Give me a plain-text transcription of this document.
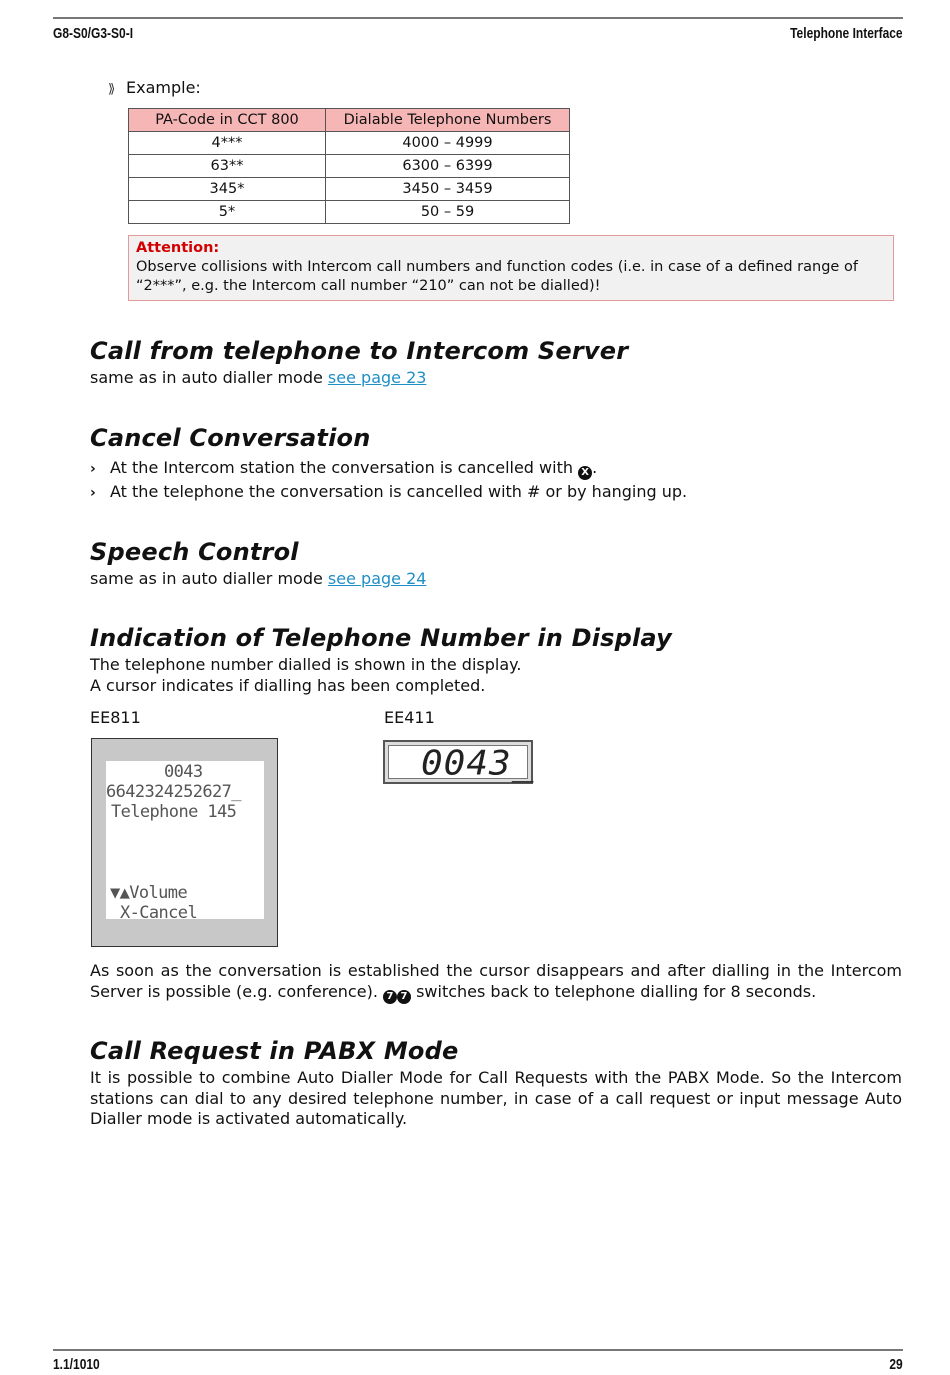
G8-S0/G3-S0-I	Telephone Interface
⟫ Example:
PA-Code in CCT 800	Dialable Telephone Numbers
4***	4000 – 4999
63**	6300 – 6399
345*	3450 – 3459
5*	50 – 59
Attention:
Observe collisions with Intercom call numbers and function codes (i.e. in case of a defined range of
“2***”, e.g. the Intercom call number “210” can not be dialled)!
Call from telephone to Intercom Server

same as in auto dialler mode see page 23

Cancel Conversation
› At the Intercom station the conversation is cancelled with X .
› At the telephone the conversation is cancelled with # or by hanging up.
Speech Control

same as in auto dialler mode see page 24

Indication of Telephone Number in Display

The telephone number dialled is shown in the display.

A cursor indicates if dialling has been completed.

EE811	EE411

0043
6642324252627_
Telephone 145
▼▲Volume
X-Cancel
0043_

As soon as the conversation is established the cursor disappears and after dialling in the Intercom Server is possible (e.g. conference). 7 7 switches back to telephone dialling for 8 seconds.

Call Request in PABX Mode

It is possible to combine Auto Dialler Mode for Call Requests with the PABX Mode. So the Intercom stations can dial to any desired telephone number, in case of a call request or input message Auto Dialler mode is activated automatically.

1.1/1010	29
